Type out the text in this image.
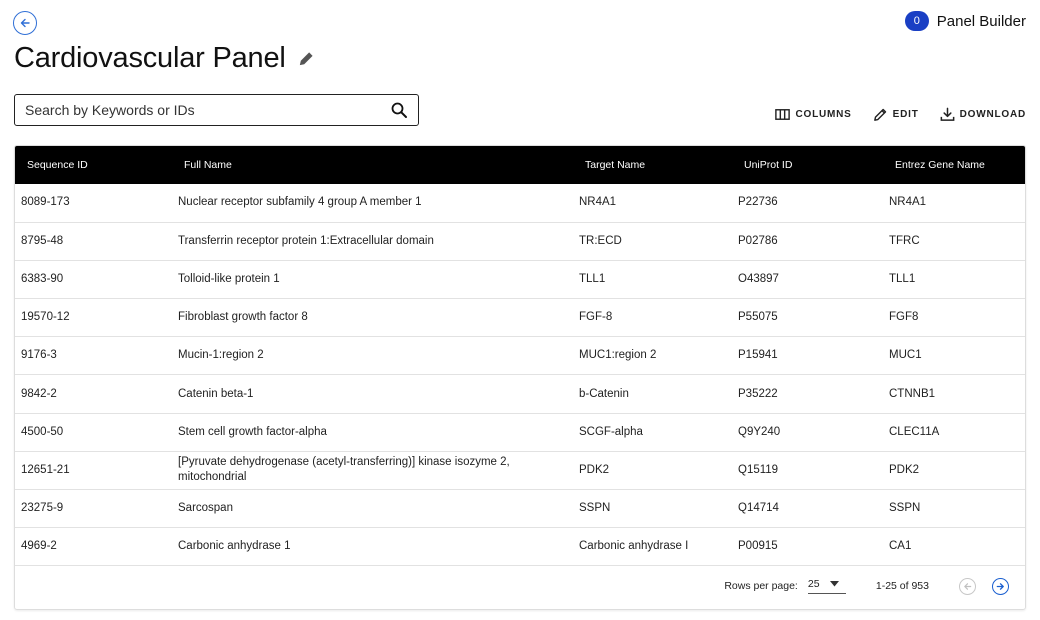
0	Panel Builder
Cardiovascular Panel
Search by Keywords or IDs
COLUMNS	EDIT	DOWNLOAD
Sequence ID	Full Name	Target Name	UniProt ID	Entrez Gene Name
8089-173	Nuclear receptor subfamily 4 group A member 1	NR4A1	P22736	NR4A1
8795-48	Transferrin receptor protein 1:Extracellular domain	TR:ECD	P02786	TFRC
6383-90	Tolloid-like protein 1	TLL1	O43897	TLL1
19570-12	Fibroblast growth factor 8	FGF-8	P55075	FGF8
9176-3	Mucin-1:region 2	MUC1:region 2	P15941	MUC1
9842-2	Catenin beta-1	b-Catenin	P35222	CTNNB1
4500-50	Stem cell growth factor-alpha	SCGF-alpha	Q9Y240	CLEC11A
12651-21	[Pyruvate dehydrogenase (acetyl-transferring)] kinase isozyme 2, mitochondrial	PDK2	Q15119	PDK2
23275-9	Sarcospan	SSPN	Q14714	SSPN
4969-2	Carbonic anhydrase 1	Carbonic anhydrase I	P00915	CA1
Rows per page: 25	1-25 of 953
